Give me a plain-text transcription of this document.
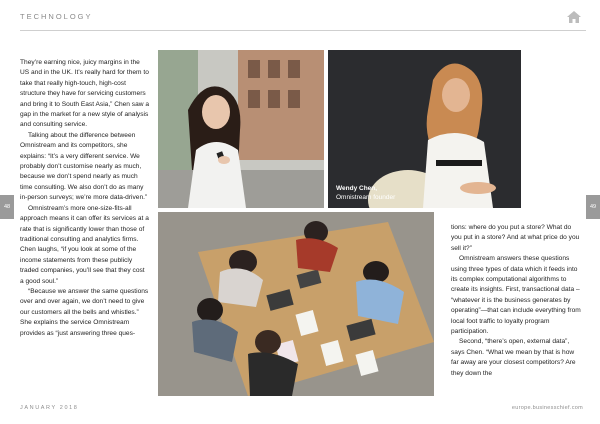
TECHNOLOGY

They’re earning nice, juicy margins in the US and in the UK. It’s really hard for them to take that really high-touch, high-cost structure they have for servicing customers and bring it to South East Asia,” Chen saw a gap in the market for a new style of analysis and consulting service.

Talking about the difference between Omnistream and its competitors, she explains: “It’s a very different service. We probably don’t customise nearly as much, because we don’t spend nearly as much time consulting. We also don’t do as many in-person surveys; we’re more data-driven.”

Omnistream’s more one-size-fits-all approach means it can offer its services at a rate that is significantly lower than those of traditional consulting and analytics firms. Chen laughs, “if you look at some of the income statements from these publicly traded companies, you’ll see that they cost a good soul.”

“Because we answer the same questions over and over again, we don’t need to give our customers all the bells and whistles.” She explains the service Omnistream provides as “just answering three ques-

Wendy Chen,
Omnistream founder

tions: where do you put a store? What do you put in a store? And at what price do you sell it?”

Omnistream answers these questions using three types of data which it feeds into its complex computational algorithms to create its insights. First, transactional data – “whatever it is the business generates by operating”—that can include everything from local foot traffic to loyalty program participation.

Second, “there’s open, external data”, says Chen. “What we mean by that is how far away are your closest competitors? Are they down the

48	49
JANUARY 2018	europe.businesschief.com
